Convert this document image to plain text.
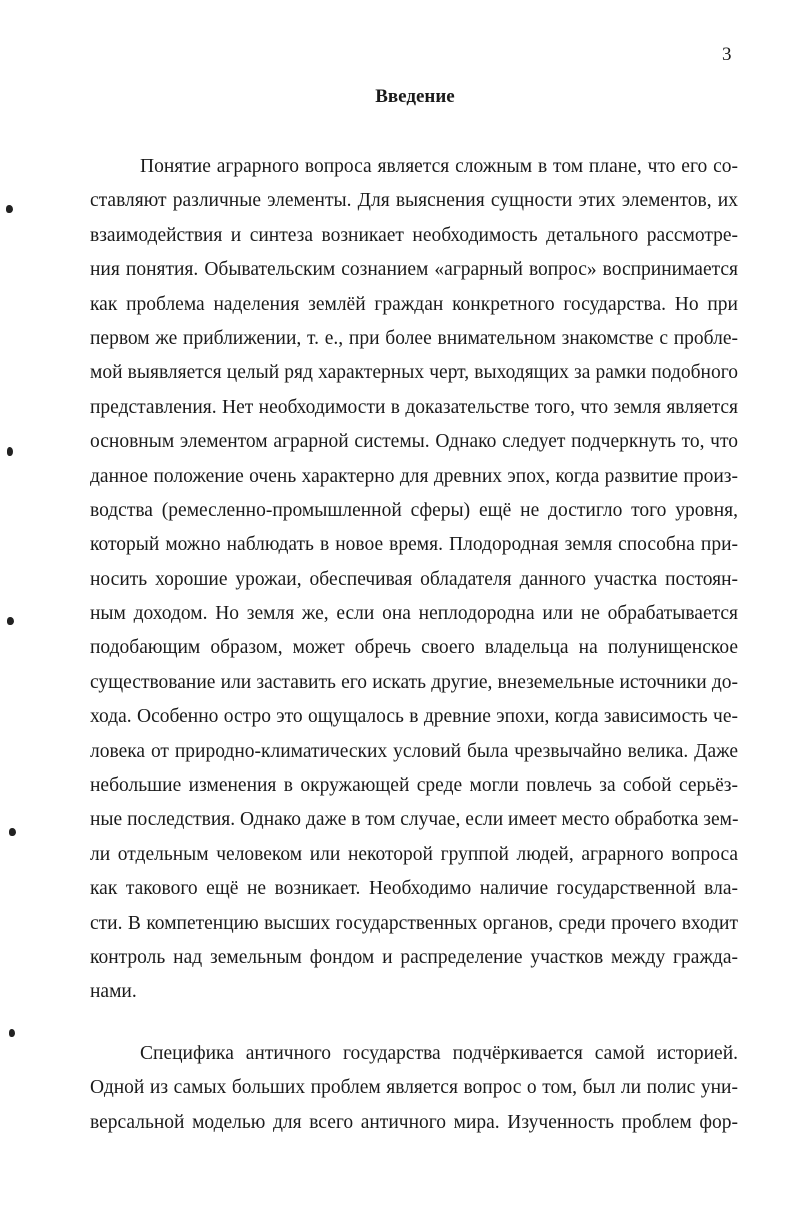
3
Введение
Понятие аграрного вопроса является сложным в том плане, что его со-
ставляют различные элементы. Для выяснения сущности этих элементов, их
взаимодействия и синтеза возникает необходимость детального рассмотре-
ния понятия. Обывательским сознанием «аграрный вопрос» воспринимается
как проблема наделения землёй граждан конкретного государства. Но при
первом же приближении, т. е., при более внимательном знакомстве с пробле-
мой выявляется целый ряд характерных черт, выходящих за рамки подобного
представления. Нет необходимости в доказательстве того, что земля является
основным элементом аграрной системы. Однако следует подчеркнуть то, что
данное положение очень характерно для древних эпох, когда развитие произ-
водства (ремесленно-промышленной сферы) ещё не достигло того уровня,
который можно наблюдать в новое время. Плодородная земля способна при-
носить хорошие урожаи, обеспечивая обладателя данного участка постоян-
ным доходом. Но земля же, если она неплодородна или не обрабатывается
подобающим образом, может обречь своего владельца на полунищенское
существование или заставить его искать другие, внеземельные источники до-
хода. Особенно остро это ощущалось в древние эпохи, когда зависимость че-
ловека от природно-климатических условий была чрезвычайно велика. Даже
небольшие изменения в окружающей среде могли повлечь за собой серьёз-
ные последствия. Однако даже в том случае, если имеет место обработка зем-
ли отдельным человеком или некоторой группой людей, аграрного вопроса
как такового ещё не возникает. Необходимо наличие государственной вла-
сти. В компетенцию высших государственных органов, среди прочего входит
контроль над земельным фондом и распределение участков между гражда-
нами.
Специфика античного государства подчёркивается самой историей.
Одной из самых больших проблем является вопрос о том, был ли полис уни-
версальной моделью для всего античного мира. Изученность проблем фор-
